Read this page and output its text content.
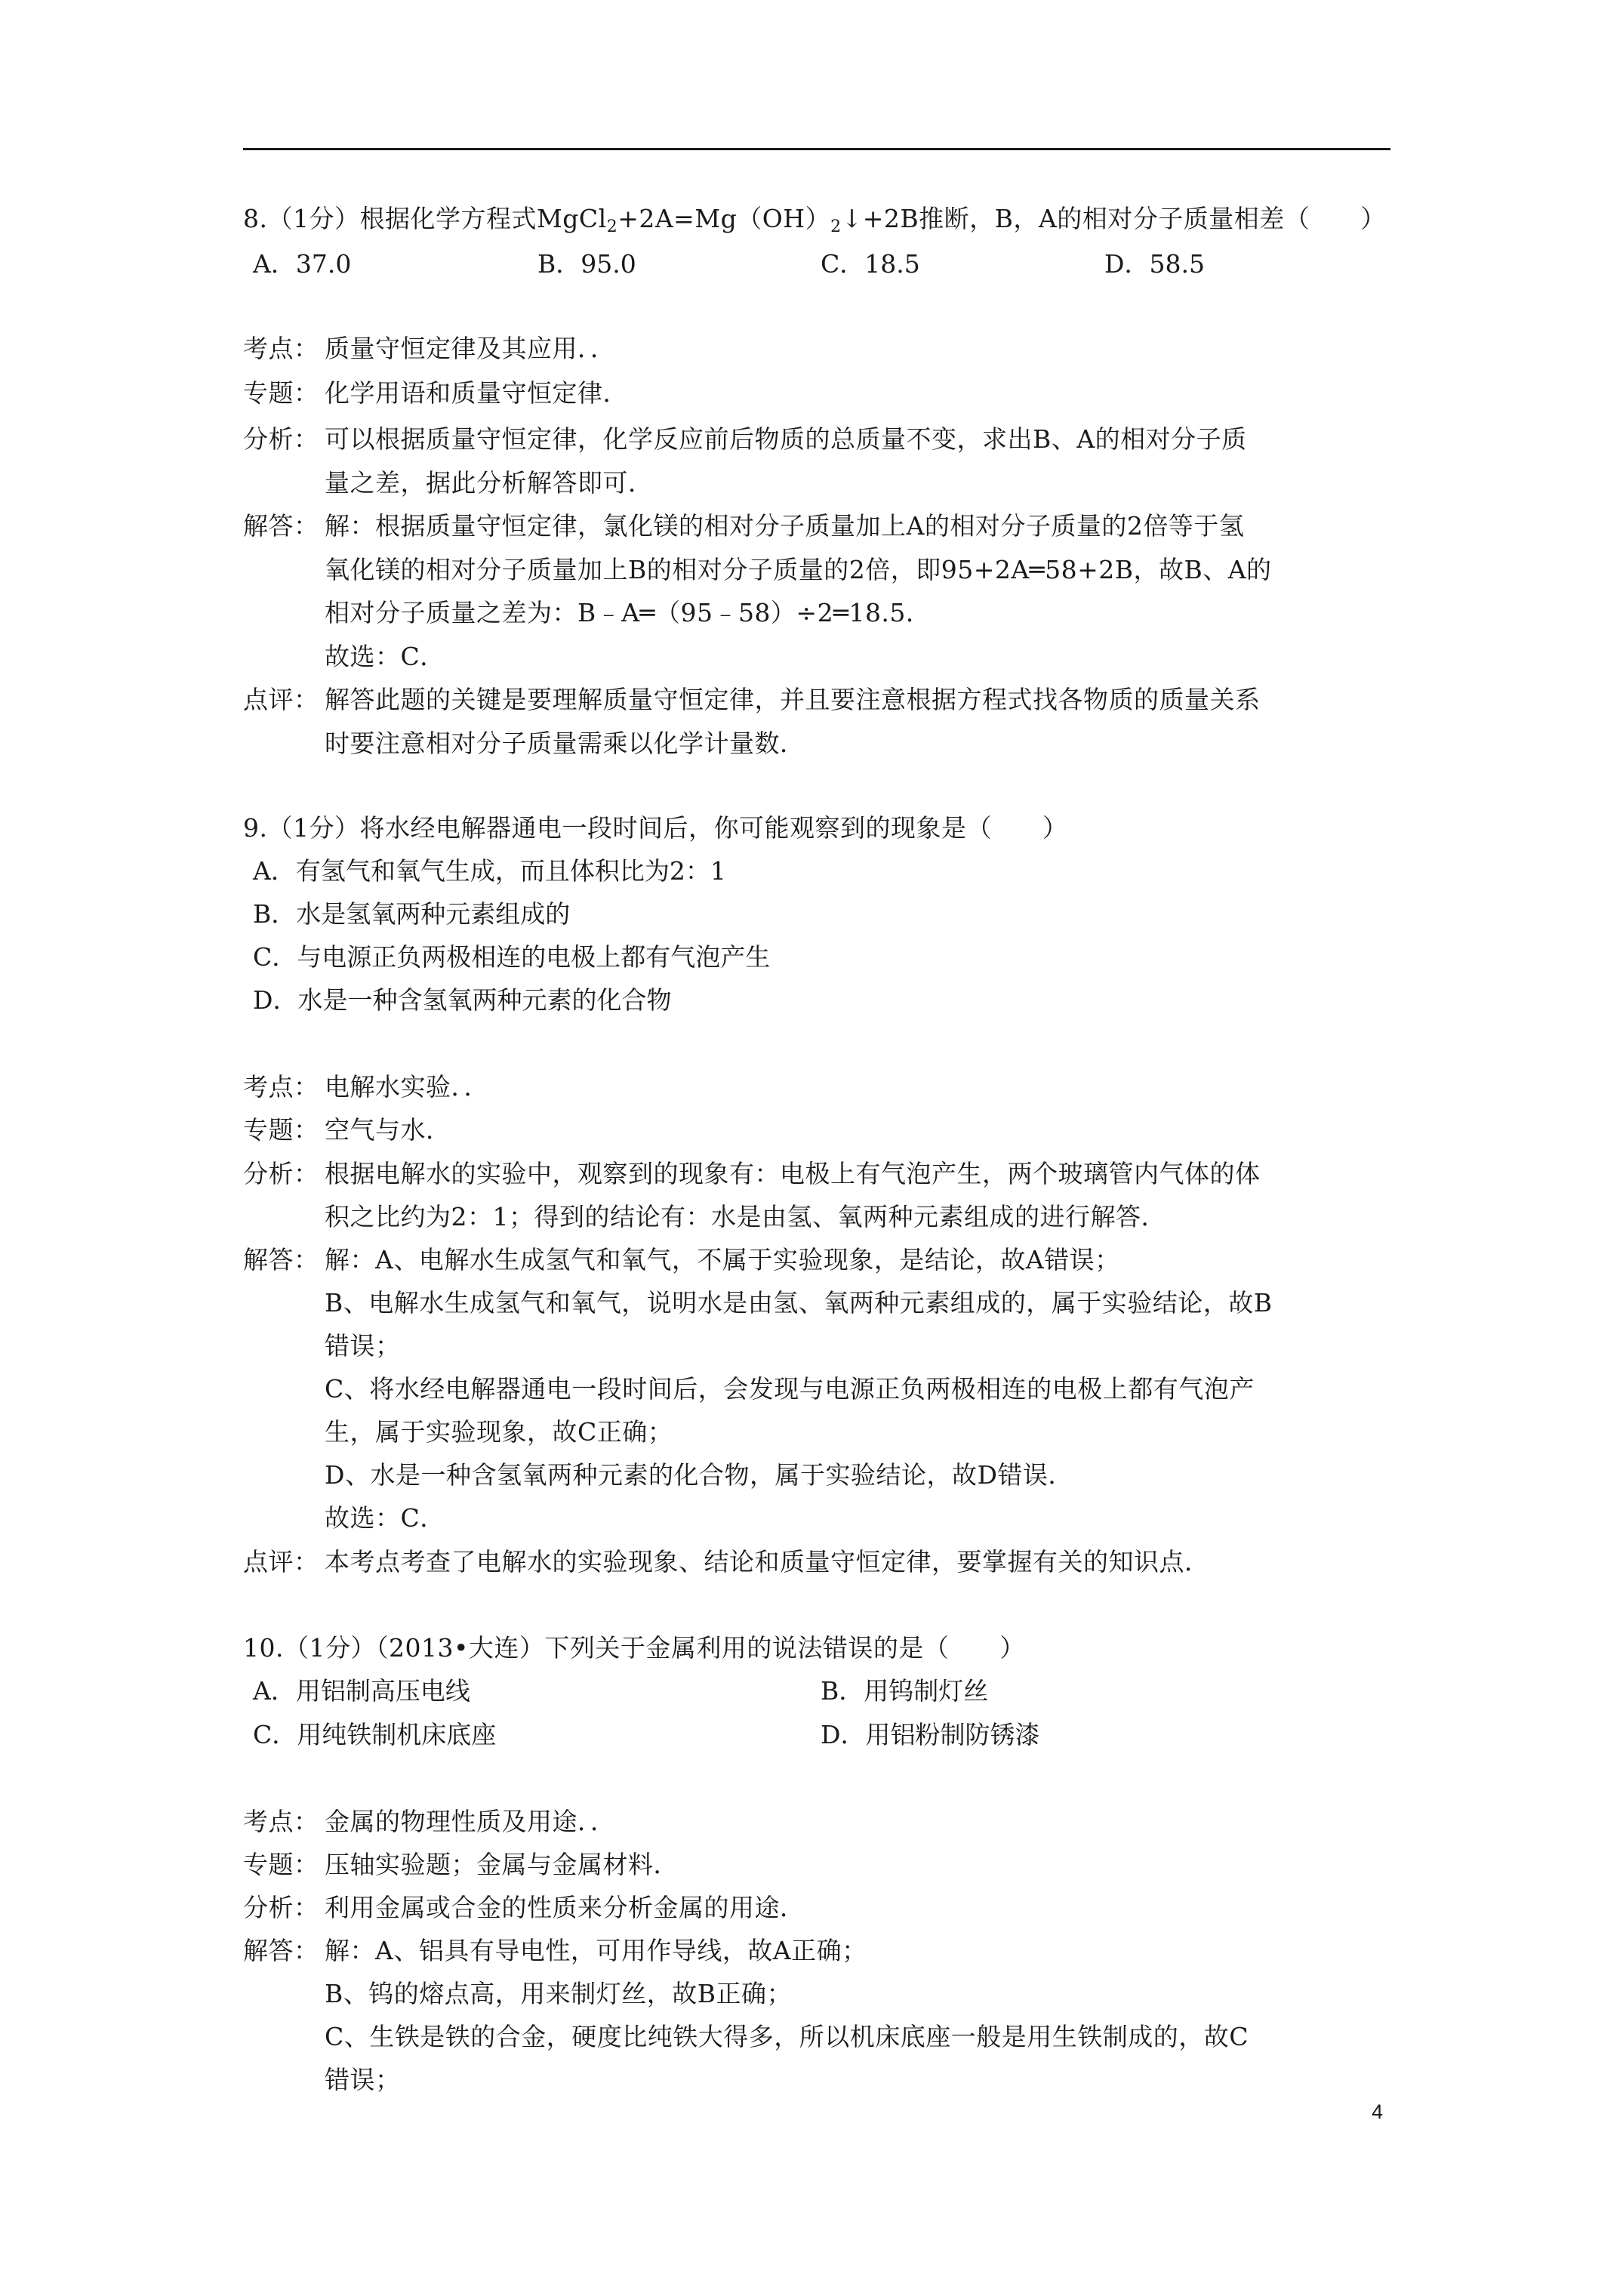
8.（1分）根据化学方程式$MgCl_2+2A=Mg(OH)_2↓+2B$推断，B，A的相对分子质量相差（　　）
A．37.0	B．95.0	C．18.5	D．58.5
考点： 质量守恒定律及其应用．．
专题： 化学用语和质量守恒定律．
分析： 可以根据质量守恒定律，化学反应前后物质的总质量不变，求出B、A的相对分子质
量之差，据此分析解答即可．
解答： 解：根据质量守恒定律，氯化镁的相对分子质量加上A的相对分子质量的2倍等于氢
氧化镁的相对分子质量加上B的相对分子质量的2倍，即95+2A═58+2B，故B、A的
相对分子质量之差为：B﹣A═（95﹣58）÷2═18.5．
故选：C．
点评： 解答此题的关键是要理解质量守恒定律，并且要注意根据方程式找各物质的质量关系
时要注意相对分子质量需乘以化学计量数．
9.（1分）将水经电解器通电一段时间后，你可能观察到的现象是（　　）
A．有氢气和氧气生成，而且体积比为2：1
B．水是氢氧两种元素组成的
C．与电源正负两极相连的电极上都有气泡产生
D．水是一种含氢氧两种元素的化合物
考点： 电解水实验．．
专题： 空气与水．
分析： 根据电解水的实验中，观察到的现象有：电极上有气泡产生，两个玻璃管内气体的体
积之比约为2：1；得到的结论有：水是由氢、氧两种元素组成的进行解答．
解答： 解：A、电解水生成氢气和氧气，不属于实验现象，是结论，故A错误；
B、电解水生成氢气和氧气，说明水是由氢、氧两种元素组成的，属于实验结论，故B
错误；
C、将水经电解器通电一段时间后，会发现与电源正负两极相连的电极上都有气泡产
生，属于实验现象，故C正确；
D、水是一种含氢氧两种元素的化合物，属于实验结论，故D错误．
故选：C．
点评： 本考点考查了电解水的实验现象、结论和质量守恒定律，要掌握有关的知识点．
10.（1分）（2013•大连）下列关于金属利用的说法错误的是（　　）
A．用铝制高压电线	B．用钨制灯丝
C．用纯铁制机床底座	D．用铝粉制防锈漆
考点： 金属的物理性质及用途．．
专题： 压轴实验题；金属与金属材料．
分析： 利用金属或合金的性质来分析金属的用途．
解答： 解：A、铝具有导电性，可用作导线，故A正确；
B、钨的熔点高，用来制灯丝，故B正确；
C、生铁是铁的合金，硬度比纯铁大得多，所以机床底座一般是用生铁制成的，故C
错误；
4
